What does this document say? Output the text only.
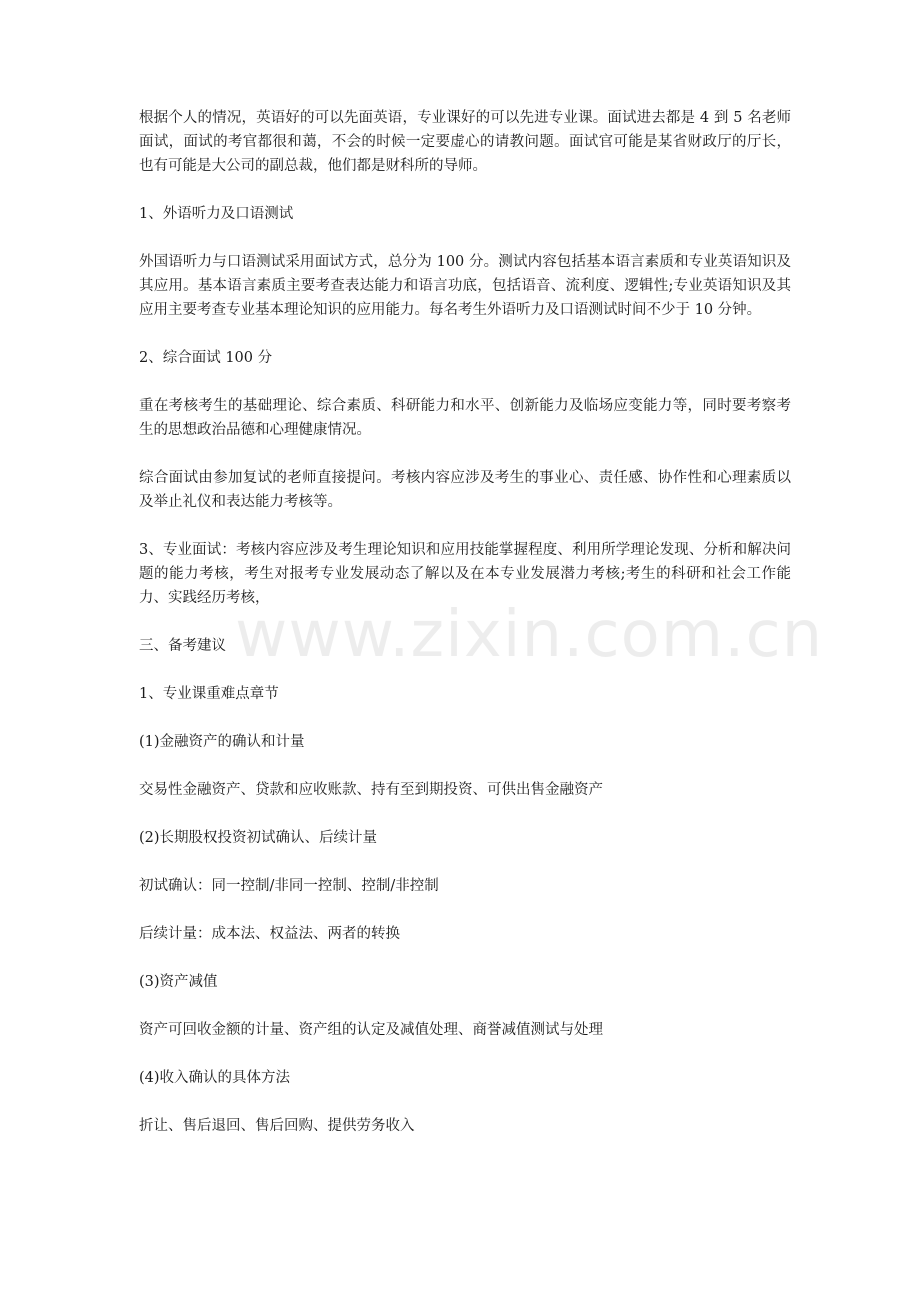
根据个人的情况，英语好的可以先面英语，专业课好的可以先进专业课。面试进去都是 4 到 5 名老师面试，面试的考官都很和蔼，不会的时候一定要虚心的请教问题。面试官可能是某省财政厅的厅长，也有可能是大公司的副总裁，他们都是财科所的导师。

1、外语听力及口语测试

外国语听力与口语测试采用面试方式，总分为 100 分。测试内容包括基本语言素质和专业英语知识及其应用。基本语言素质主要考查表达能力和语言功底，包括语音、流利度、逻辑性;专业英语知识及其应用主要考查专业基本理论知识的应用能力。每名考生外语听力及口语测试时间不少于 10 分钟。

2、综合面试 100 分

重在考核考生的基础理论、综合素质、科研能力和水平、创新能力及临场应变能力等，同时要考察考生的思想政治品德和心理健康情况。

综合面试由参加复试的老师直接提问。考核内容应涉及考生的事业心、责任感、协作性和心理素质以及举止礼仪和表达能力考核等。

3、专业面试：考核内容应涉及考生理论知识和应用技能掌握程度、利用所学理论发现、分析和解决问题的能力考核，考生对报考专业发展动态了解以及在本专业发展潜力考核;考生的科研和社会工作能力、实践经历考核，

三、备考建议

1、专业课重难点章节

(1)金融资产的确认和计量

交易性金融资产、贷款和应收账款、持有至到期投资、可供出售金融资产

(2)长期股权投资初试确认、后续计量

初试确认：同一控制/非同一控制、控制/非控制

后续计量：成本法、权益法、两者的转换

(3)资产减值

资产可回收金额的计量、资产组的认定及减值处理、商誉减值测试与处理

(4)收入确认的具体方法

折让、售后退回、售后回购、提供劳务收入

www.zixin.com.cn
